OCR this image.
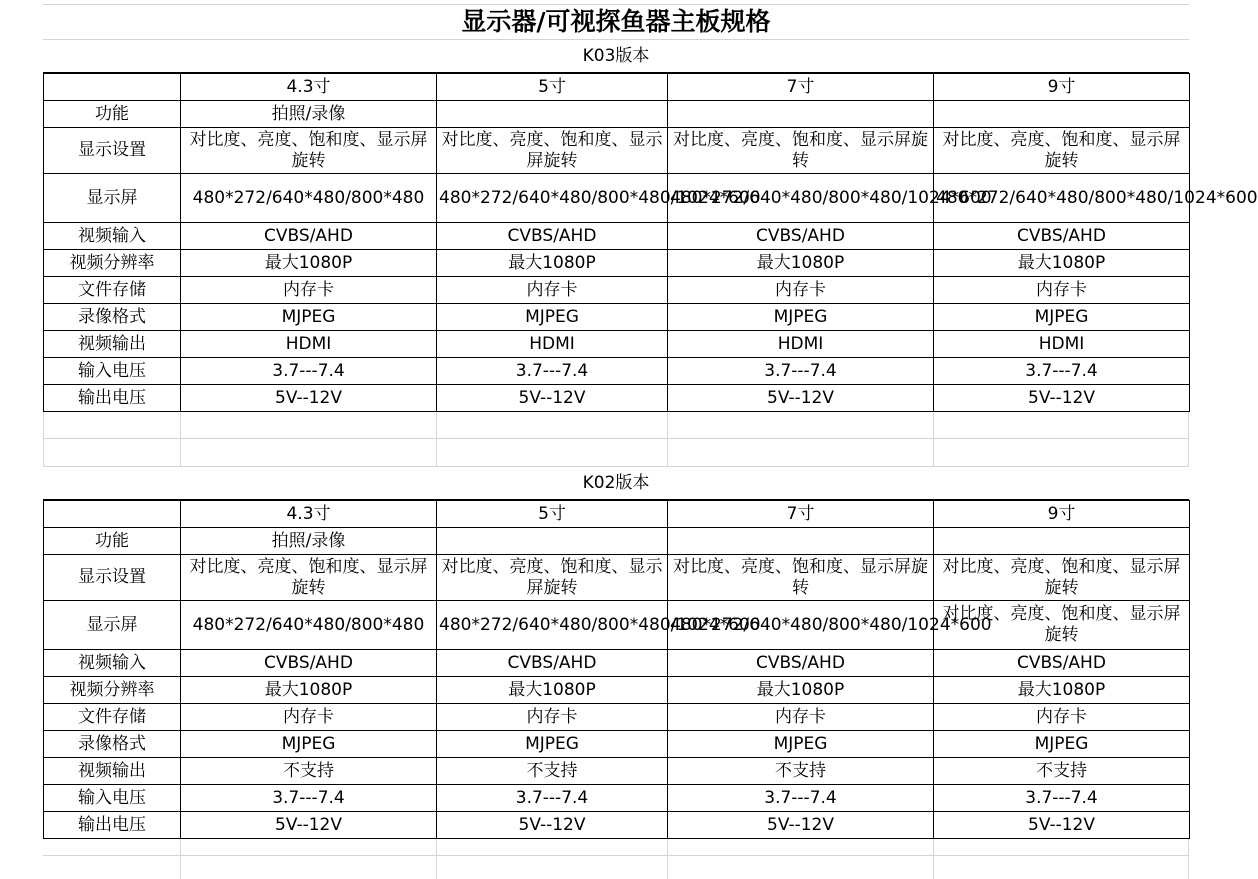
显示器/可视探鱼器主板规格
K03版本
	4.3寸	5寸	7寸	9寸
功能	拍照/录像			
显示设置	对比度、亮度、饱和度、显示屏旋转	对比度、亮度、饱和度、显示屏旋转	对比度、亮度、饱和度、显示屏旋转	对比度、亮度、饱和度、显示屏旋转
显示屏	480*272/640*480/800*480	480*272/640*480/800*480/1024*600	480*272/640*480/800*480/1024*600	480*272/640*480/800*480/1024*600
视频输入	CVBS/AHD	CVBS/AHD	CVBS/AHD	CVBS/AHD
视频分辨率	最大1080P	最大1080P	最大1080P	最大1080P
文件存储	内存卡	内存卡	内存卡	内存卡
录像格式	MJPEG	MJPEG	MJPEG	MJPEG
视频输出	HDMI	HDMI	HDMI	HDMI
输入电压	3.7---7.4	3.7---7.4	3.7---7.4	3.7---7.4
输出电压	5V--12V	5V--12V	5V--12V	5V--12V
K02版本
	4.3寸	5寸	7寸	9寸
功能	拍照/录像			
显示设置	对比度、亮度、饱和度、显示屏旋转	对比度、亮度、饱和度、显示屏旋转	对比度、亮度、饱和度、显示屏旋转	对比度、亮度、饱和度、显示屏旋转
显示屏	480*272/640*480/800*480	480*272/640*480/800*480/1024*600	480*272/640*480/800*480/1024*600	对比度、亮度、饱和度、显示屏旋转
视频输入	CVBS/AHD	CVBS/AHD	CVBS/AHD	CVBS/AHD
视频分辨率	最大1080P	最大1080P	最大1080P	最大1080P
文件存储	内存卡	内存卡	内存卡	内存卡
录像格式	MJPEG	MJPEG	MJPEG	MJPEG
视频输出	不支持	不支持	不支持	不支持
输入电压	3.7---7.4	3.7---7.4	3.7---7.4	3.7---7.4
输出电压	5V--12V	5V--12V	5V--12V	5V--12V
